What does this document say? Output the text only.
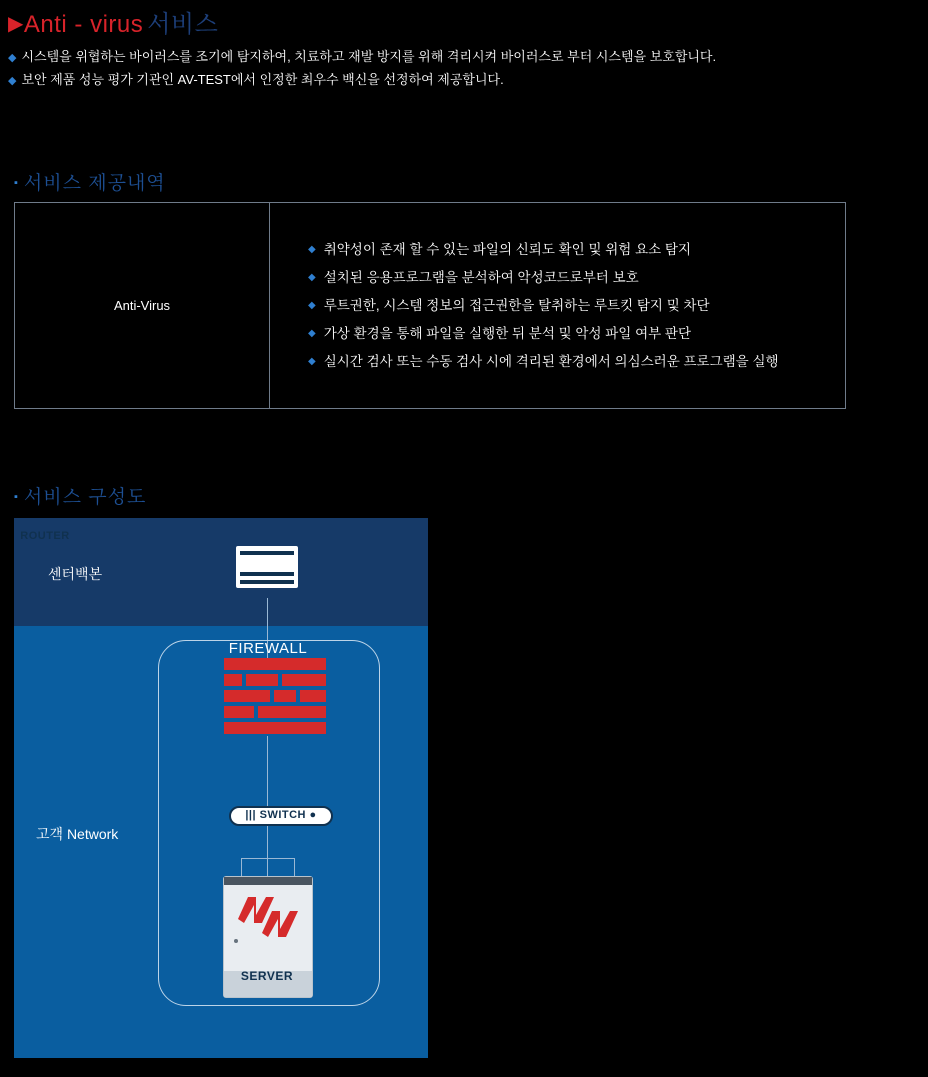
▶Anti - virus 서비스
◆ 시스템을 위협하는 바이러스를 조기에 탐지하여, 치료하고 재발 방지를 위해 격리시켜 바이러스로 부터 시스템을 보호합니다.
◆ 보안 제품 성능 평가 기관인 AV-TEST에서 인정한 최우수 백신을 선정하여 제공합니다.
▪ 서비스 제공내역
Anti-Virus
◆ 취약성이 존재 할 수 있는 파일의 신뢰도 확인 및 위험 요소 탐지
◆ 설치된 응용프로그램을 분석하여 악성코드로부터 보호
◆ 루트권한, 시스템 정보의 접근권한을 탈취하는 루트킷 탐지 및 차단
◆ 가상 환경을 통해 파일을 실행한 뒤 분석 및 악성 파일 여부 판단
◆ 실시간 검사 또는 수동 검사 시에 격리된 환경에서 의심스러운 프로그램을 실행
▪ 서비스 구성도
센터백본
고객 Network
ROUTER
FIREWALL
||| SWITCH ●
SERVER
